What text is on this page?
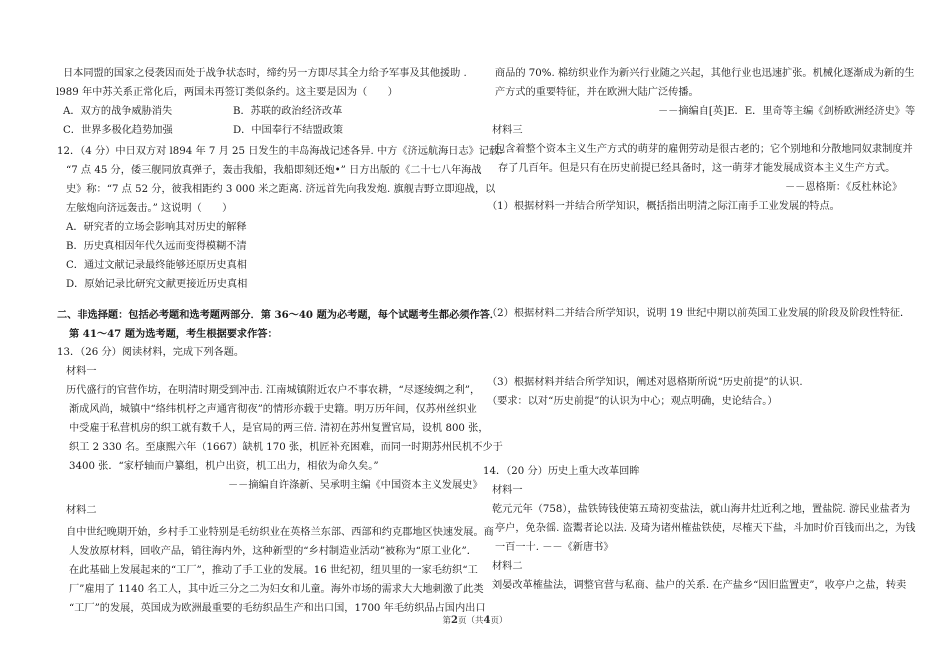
日本同盟的国家之侵袭因而处于战争状态时，缔约另一方即尽其全力给予军事及其他援助 .
l989 年中苏关系正常化后，两国未再签订类似条约。这主要是因为（　　）
A．双方的战争威胁消失	B．苏联的政治经济改革
C．世界多极化趋势加强	D．中国奉行不结盟政策
12．（4 分）中日双方对 l894 年 7 月 25 日发生的丰岛海战记述各异. 中方《济远航海日志》记载:
“7 点 45 分，倭三舰同放真弹子，轰击我船，我船即刻还炮•” 日方出版的《二十七八年海战
史》称：“7 点 52 分，彼我相距约 3 000 米之距离. 济远首先向我发炮. 旗舰吉野立即迎战，以
左舷炮向济远轰击。” 这说明（　　）
A．研究者的立场会影响其对历史的解释
B．历史真相因年代久远而变得模糊不清
C．通过文献记录最终能够还原历史真相
D．原始记录比研究文献更接近历史真相
二、非选择题：包括必考题和选考题两部分．第 36～40 题为必考题，每个试题考生都必须作答．
第 41～47 题为选考题，考生根据要求作答：
13．（26 分）阅读材料，完成下列各题。
材料一
历代盛行的官营作坊，在明清时期受到冲击. 江南城镇附近农户不事农耕，“尽逐绫绸之利”，
渐成风尚，城镇中“络纬机杼之声通宵彻夜”的情形亦载于史籍。明万历年间，仅苏州丝织业
中受雇于私营机房的织工就有数千人，是官局的两三倍. 清初在苏州复置官局，设机 800 张，
织工 2 330 名。至康熙六年（1667）缺机 170 张，机匠补充困难，而同一时期苏州民机不少于
3400 张．“家杼轴而户纂组，机户出资，机工出力，相依为命久矣。”
－－摘编自许涤新、吴承明主编《中国资本主义发展史》
材料二
自中世纪晚期开始，乡村手工业特别是毛纺织业在英格兰东部、西部和约克郡地区快速发展。商
人发放原材料，回收产品，销往海内外，这种新型的“乡村制造业活动”被称为“原工业化”．
在此基础上发展起来的“工厂”，推动了手工业的发展。16 世纪初，纽贝里的一家毛纺织“工
厂”雇用了 1140 名工人，其中近三分之二为妇女和儿童。海外市场的需求大大地刺激了此类
“工厂”的发展，英国成为欧洲最重要的毛纺织品生产和出口国，1700 年毛纺织品占国内出口
商品的 70%. 棉纺织业作为新兴行业随之兴起，其他行业也迅速扩张。机械化逐渐成为新的生
产方式的重要特征，并在欧洲大陆广泛传播。
－－摘编自[英]E．E．里奇等主编《剑桥欧洲经济史》等
材料三
包含着整个资本主义生产方式的萌芽的雇佣劳动是很古老的；它个别地和分散地同奴隶制度并
存了几百年。但是只有在历史前提已经具备时，这一萌芽才能发展成资本主义生产方式。
－－恩格斯：《反杜林论》
（1）根据材料一并结合所学知识，概括指出明清之际江南手工业发展的特点。
（2）根据材料二并结合所学知识，说明 19 世纪中期以前英国工业发展的阶段及阶段性特征．
（3）根据材料并结合所学知识，阐述对恩格斯所说“历史前提”的认识.
（要求：以对“历史前提”的认识为中心；观点明确，史论结合。）
14．（20 分）历史上重大改革回眸
材料一
乾元元年（758），盐铁铸钱使第五琦初变盐法，就山海井灶近利之地，置盐院. 游民业盐者为
亭户，免杂徭. 盗鬻者论以法. 及琦为诸州榷盐铁使，尽榷天下盐，斗加时价百钱而出之，为钱
一百一十. －－《新唐书》
材料二
刘晏改革榷盐法，调整官营与私商、盐户的关系. 在产盐乡“因旧监置吏”，收亭户之盐，转卖
第2页（共4页）
